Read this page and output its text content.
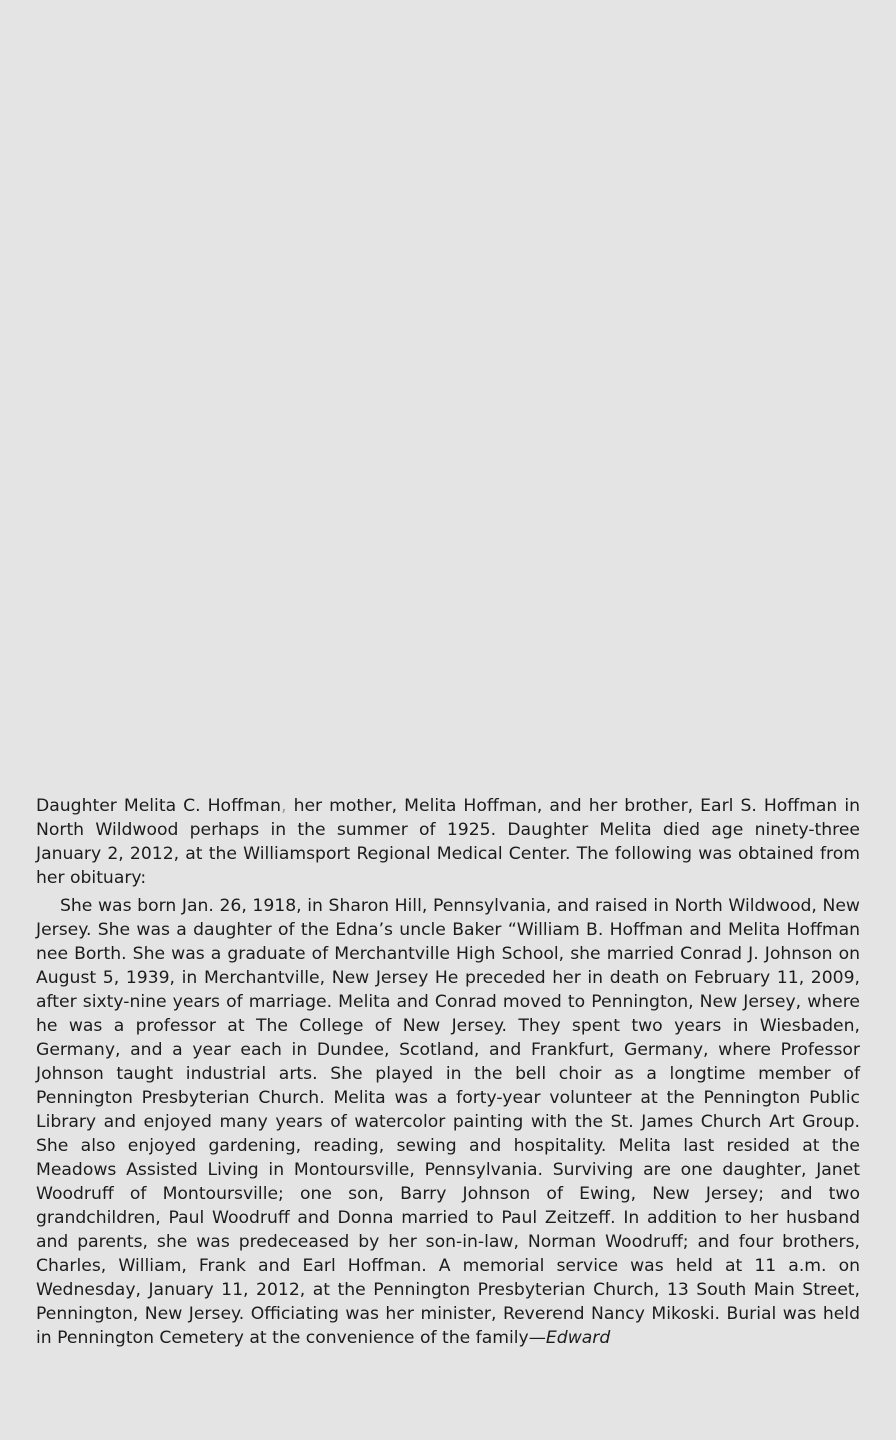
Daughter Melita C. Hoffman, her mother, Melita Hoffman, and her brother, Earl S. Hoffman in North Wildwood perhaps in the summer of 1925. Daughter Melita died age ninety-three January 2, 2012, at the Williamsport Regional Medical Center. The following was obtained from her obituary:

She was born Jan. 26, 1918, in Sharon Hill, Pennsylvania, and raised in North Wildwood, New Jersey. She was a daughter of the Edna’s uncle Baker “William B. Hoffman and Melita Hoffman nee Borth. She was a graduate of Merchantville High School, she married Conrad J. Johnson on August 5, 1939, in Merchantville, New Jersey He preceded her in death on February 11, 2009, after sixty-nine years of marriage. Melita and Conrad moved to Pennington, New Jersey, where he was a professor at The College of New Jersey. They spent two years in Wiesbaden, Germany, and a year each in Dundee, Scotland, and Frankfurt, Germany, where Professor Johnson taught industrial arts. She played in the bell choir as a longtime member of Pennington Presbyterian Church. Melita was a forty-year volunteer at the Pennington Public Library and enjoyed many years of watercolor painting with the St. James Church Art Group. She also enjoyed gardening, reading, sewing and hospitality. Melita last resided at the Meadows Assisted Living in Montoursville, Pennsylvania. Surviving are one daughter, Janet Woodruff of Montoursville; one son, Barry Johnson of Ewing, New Jersey; and two grandchildren, Paul Woodruff and Donna married to Paul Zeitzeff. In addition to her husband and parents, she was predeceased by her son-in-law, Norman Woodruff; and four brothers, Charles, William, Frank and Earl Hoffman. A memorial service was held at 11 a.m. on Wednesday, January 11, 2012, at the Pennington Presbyterian Church, 13 South Main Street, Pennington, New Jersey. Officiating was her minister, Reverend Nancy Mikoski. Burial was held in Pennington Cemetery at the convenience of the family—Edward
